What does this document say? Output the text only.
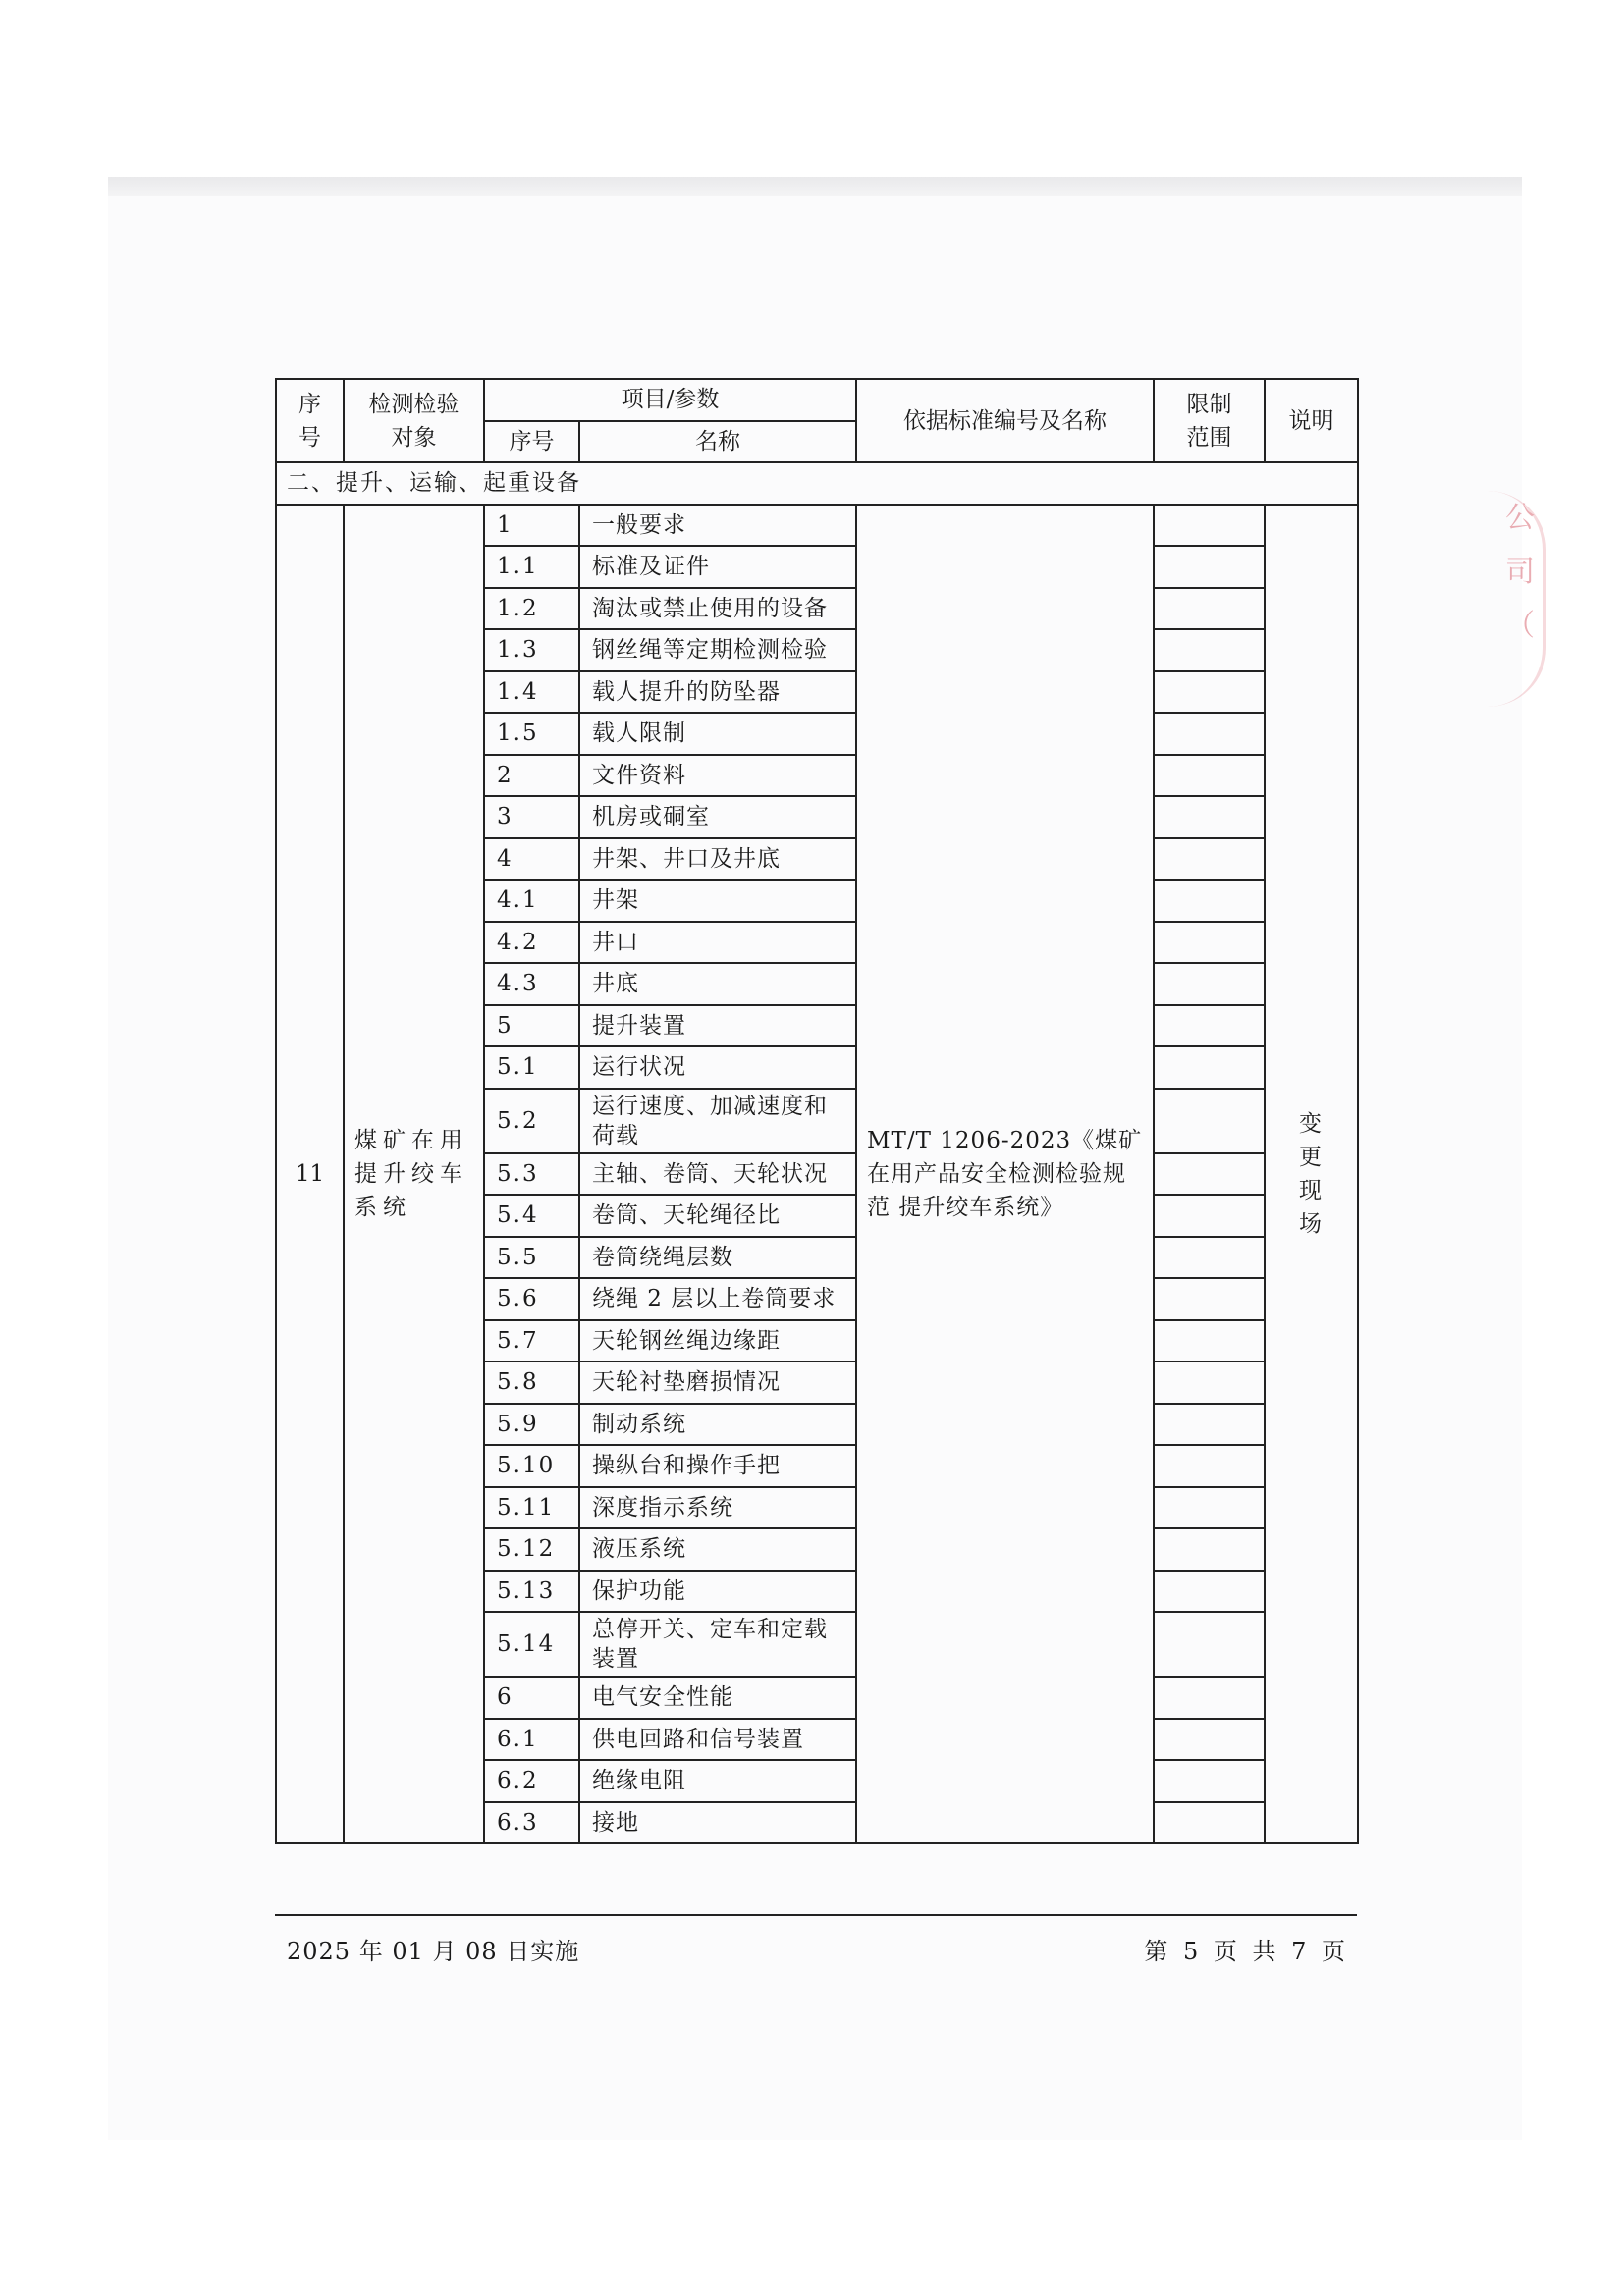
序号	检测检验对象	项目/参数		依据标准编号及名称	限制范围	说明
		序号	名称			
二、提升、运输、起重设备						
11	煤矿在用提升绞车系统	1	一般要求	MT/T 1206-2023《煤矿在用产品安全检测检验规范 提升绞车系统》		变更现场
		1.1	标准及证件			
		1.2	淘汰或禁止使用的设备			
		1.3	钢丝绳等定期检测检验			
		1.4	载人提升的防坠器			
		1.5	载人限制			
		2	文件资料			
		3	机房或硐室			
		4	井架、井口及井底			
		4.1	井架			
		4.2	井口			
		4.3	井底			
		5	提升装置			
		5.1	运行状况			
		5.2	运行速度、加减速度和荷载			
		5.3	主轴、卷筒、天轮状况			
		5.4	卷筒、天轮绳径比			
		5.5	卷筒绕绳层数			
		5.6	绕绳 2 层以上卷筒要求			
		5.7	天轮钢丝绳边缘距			
		5.8	天轮衬垫磨损情况			
		5.9	制动系统			
		5.10	操纵台和操作手把			
		5.11	深度指示系统			
		5.12	液压系统			
		5.13	保护功能			
		5.14	总停开关、定车和定载装置			
		6	电气安全性能			
		6.1	供电回路和信号装置			
		6.2	绝缘电阻			
		6.3	接地			
公
司
（
2025 年 01 月 08 日实施	第 5 页 共 7 页
